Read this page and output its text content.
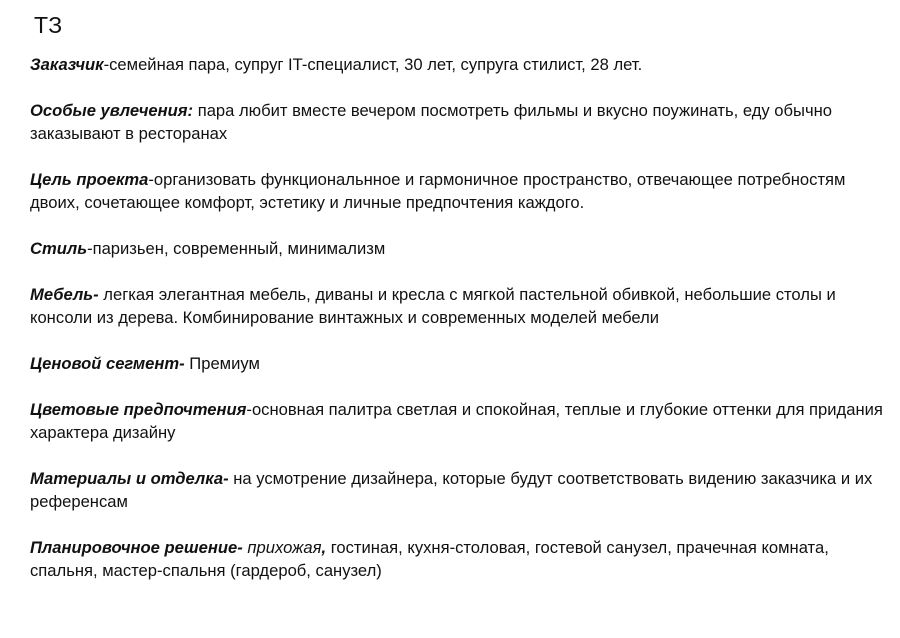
ТЗ

Заказчик-семейная пара, супруг IT-специалист, 30 лет, супруга стилист, 28 лет.

Особые увлечения: пара любит вместе вечером посмотреть фильмы и вкусно поужинать, еду обычно заказывают в ресторанах

Цель проекта-организовать функциональнное и гармоничное пространство, отвечающее потребностям двоих, сочетающее комфорт, эстетику и личные предпочтения каждого.

Стиль-паризьен, современный, минимализм

Мебель- легкая элегантная мебель, диваны и кресла с мягкой пастельной обивкой, небольшие столы и консоли из дерева. Комбинирование винтажных и современных моделей мебели

Ценовой сегмент- Премиум

Цветовые предпочтения-основная палитра светлая и спокойная, теплые и глубокие оттенки для придания характера дизайну

Материалы и отделка- на усмотрение дизайнера, которые будут соответствовать видению заказчика и их референсам

Планировочное решение- прихожая, гостиная, кухня-столовая, гостевой санузел, прачечная комната, спальня, мастер-спальня (гардероб, санузел)
